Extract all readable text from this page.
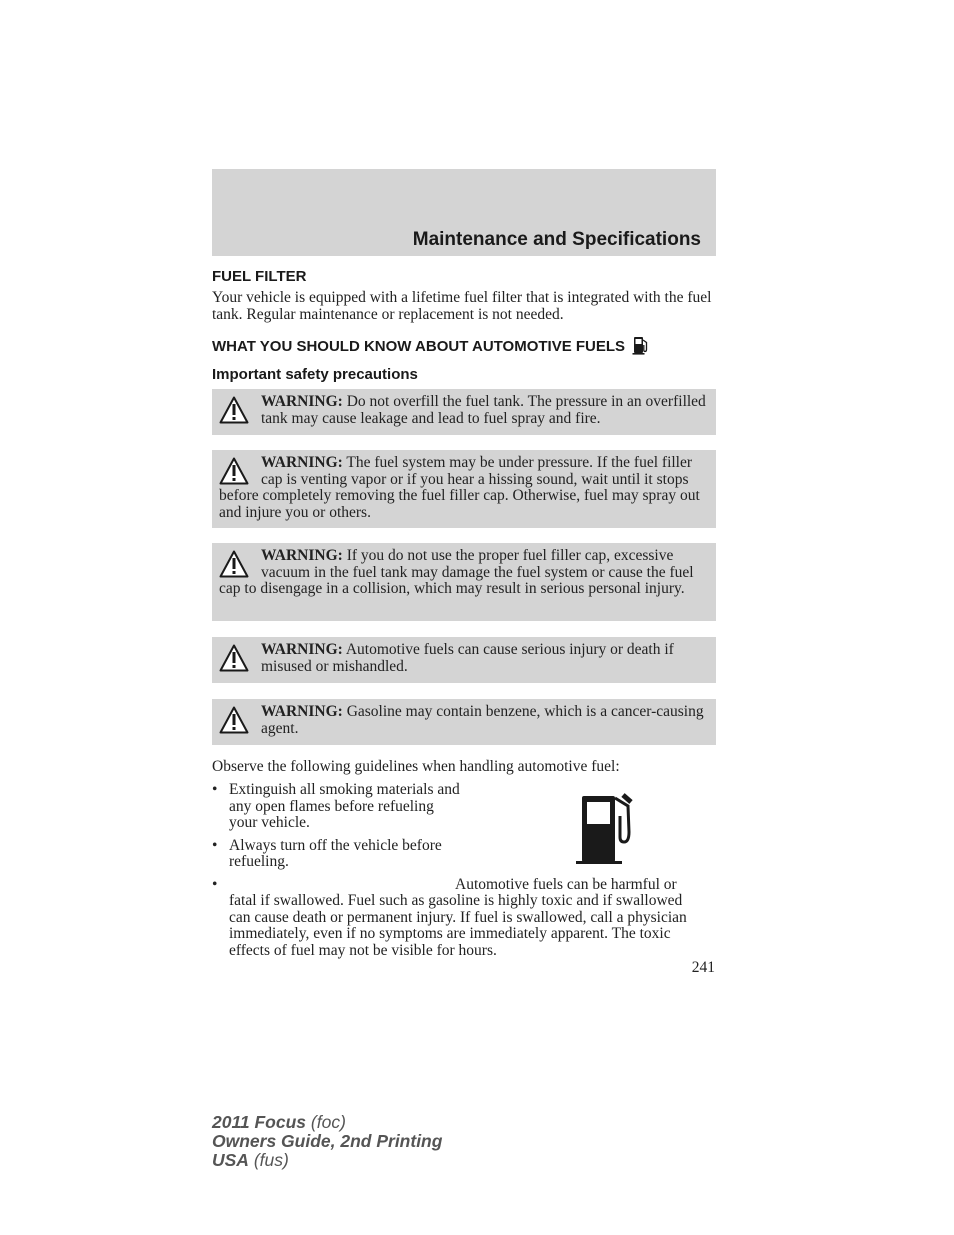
Maintenance and Specifications
FUEL FILTER

Your vehicle is equipped with a lifetime fuel filter that is integrated with the fuel tank. Regular maintenance or replacement is not needed.

WHAT YOU SHOULD KNOW ABOUT AUTOMOTIVE FUELS
Important safety precautions
WARNING: Do not overfill the fuel tank. The pressure in an overfilled tank may cause leakage and lead to fuel spray and fire.
WARNING: The fuel system may be under pressure. If the fuel filler cap is venting vapor or if you hear a hissing sound, wait until it stops before completely removing the fuel filler cap. Otherwise, fuel may spray out and injure you or others.
WARNING: If you do not use the proper fuel filler cap, excessive vacuum in the fuel tank may damage the fuel system or cause the fuel cap to disengage in a collision, which may result in serious personal injury.
WARNING: Automotive fuels can cause serious injury or death if misused or mishandled.
WARNING: Gasoline may contain benzene, which is a cancer-causing agent.

Observe the following guidelines when handling automotive fuel:

• Extinguish all smoking materials and any open flames before refueling your vehicle.
• Always turn off the vehicle before refueling.
• Automotive fuels can be harmful or fatal if swallowed. Fuel such as gasoline is highly toxic and if swallowed can cause death or permanent injury. If fuel is swallowed, call a physician immediately, even if no symptoms are immediately apparent. The toxic effects of fuel may not be visible for hours.
241
2011 Focus (foc)
Owners Guide, 2nd Printing
USA (fus)
